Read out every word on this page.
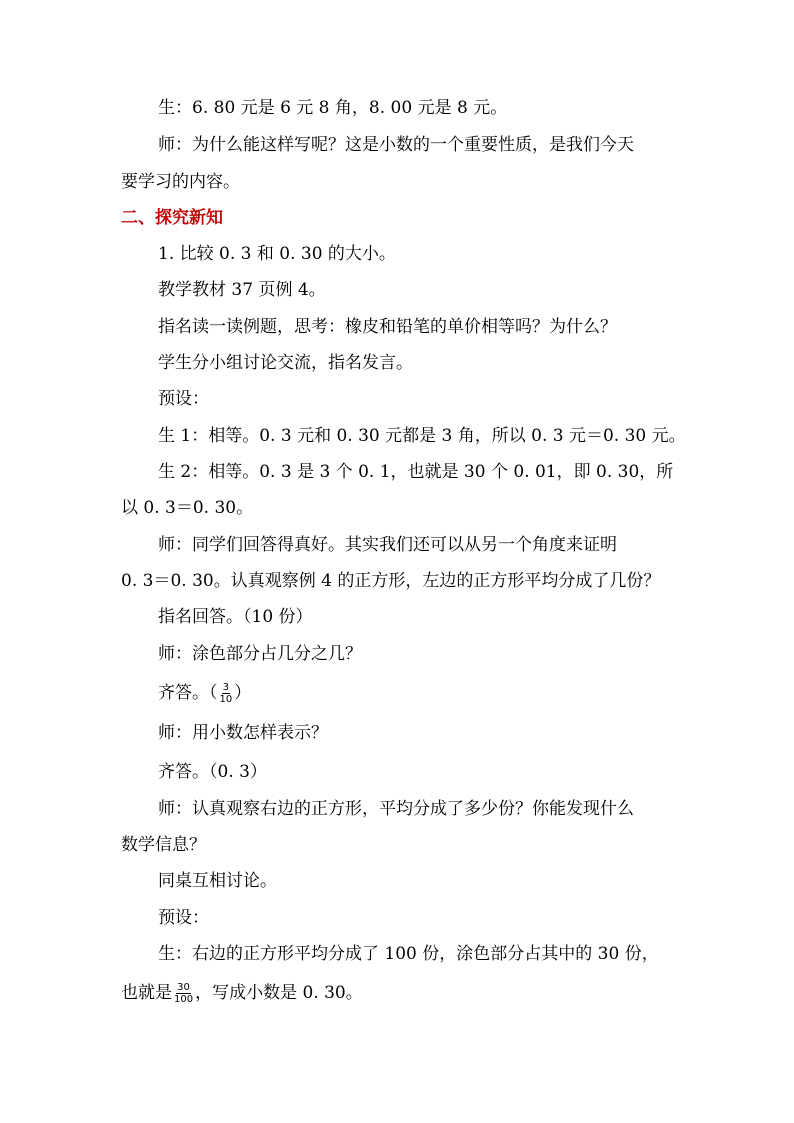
生：6. 80 元是 6 元 8 角，8. 00 元是 8 元。
师：为什么能这样写呢？这是小数的一个重要性质，是我们今天
要学习的内容。
二、探究新知
1. 比较 0. 3 和 0. 30 的大小。
教学教材 37 页例 4。
指名读一读例题，思考：橡皮和铅笔的单价相等吗？为什么？
学生分小组讨论交流，指名发言。
预设：
生 1：相等。0. 3 元和 0. 30 元都是 3 角，所以 0. 3 元＝0. 30 元。
生 2：相等。0. 3 是 3 个 0. 1，也就是 30 个 0. 01，即 0. 30，所
以 0. 3＝0. 30。
师：同学们回答得真好。其实我们还可以从另一个角度来证明
0. 3＝0. 30。认真观察例 4 的正方形，左边的正方形平均分成了几份？
指名回答。（10 份）
师：涂色部分占几分之几？
齐答。（ $\frac{3}{10}$ ）
师：用小数怎样表示？
齐答。（0. 3）
师：认真观察右边的正方形，平均分成了多少份？你能发现什么
数学信息？
同桌互相讨论。
预设：
生：右边的正方形平均分成了 100 份，涂色部分占其中的 30 份，
也就是 $\frac{30}{100}$ ，写成小数是 0. 30。
